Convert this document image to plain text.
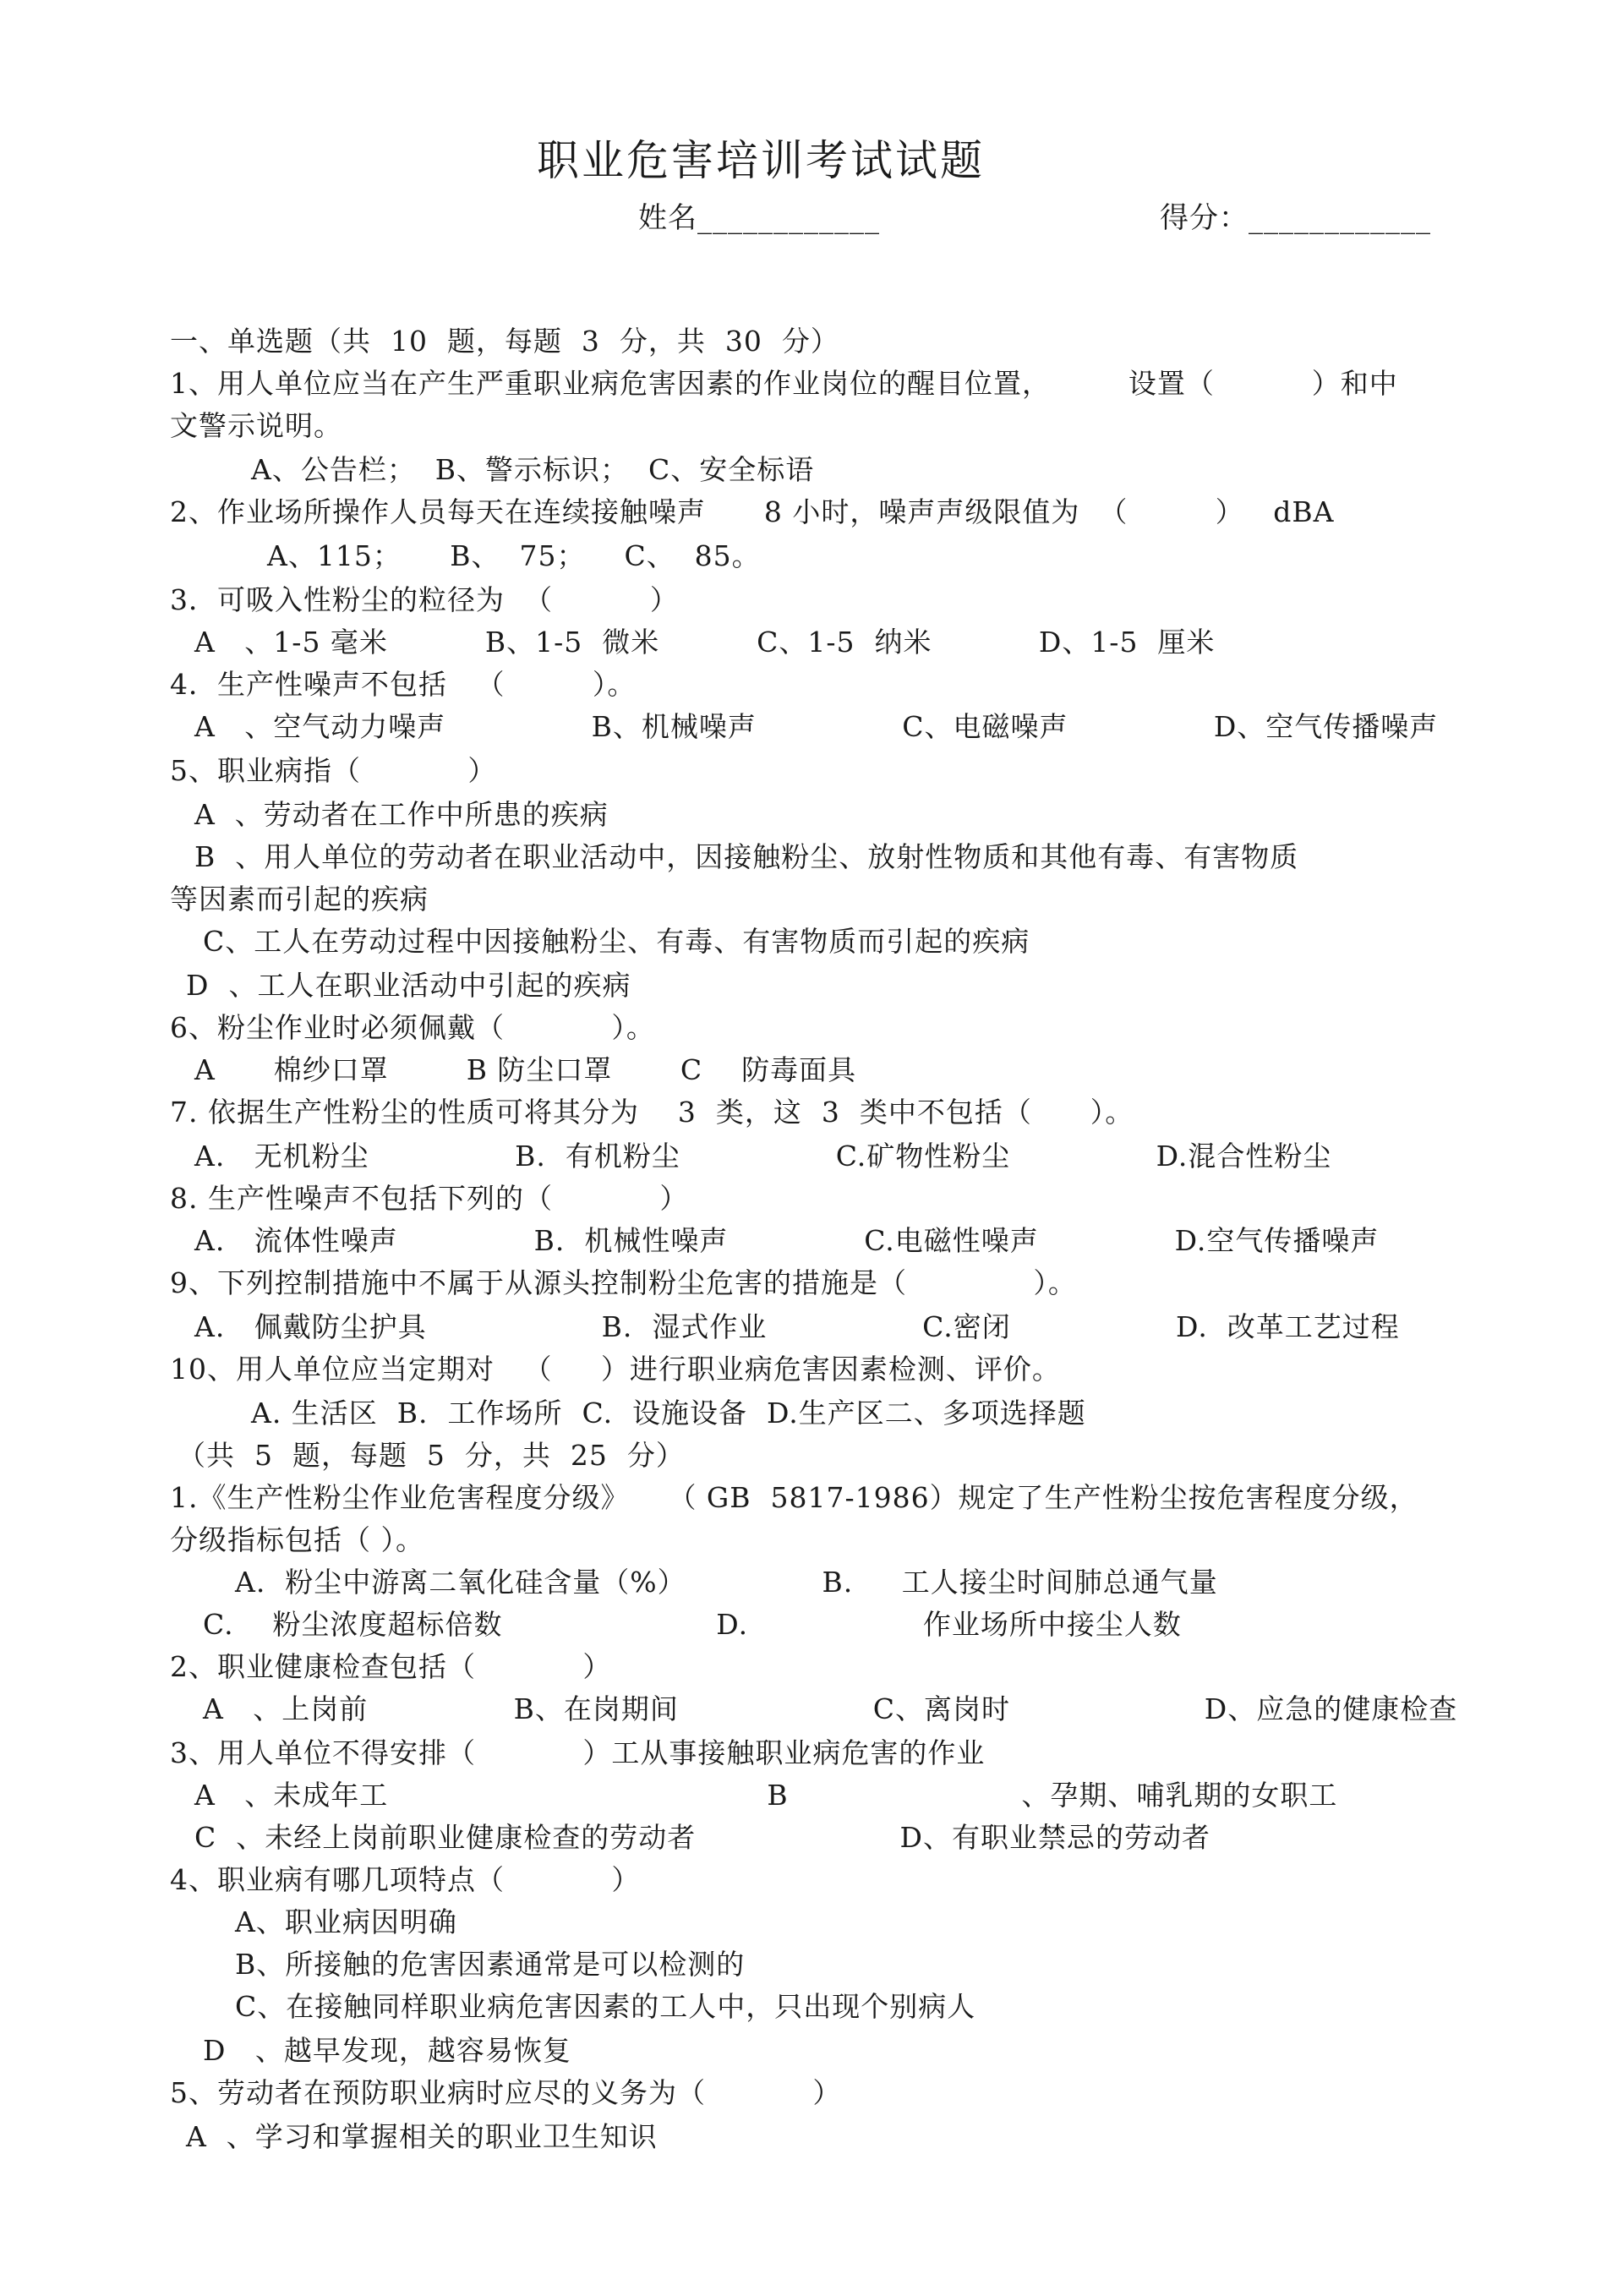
职业危害培训考试试题
姓名____________	得分：____________
一、单选题（共  10  题，每题  3  分，共  30  分）
1、用人单位应当在产生严重职业病危害因素的作业岗位的醒目位置，        设置（          ）和中
文警示说明。
A、公告栏；  B、警示标识；  C、安全标语
2、作业场所操作人员每天在连续接触噪声      8 小时，噪声声级限值为  （         ）   dBA
A、115；     B、  75；    C、  85。
3．可吸入性粉尘的粒径为  （          ）
A   、1-5 毫米          B、1-5  微米          C、1-5  纳米           D、1-5  厘米
4．生产性噪声不包括   （         ）。
A   、空气动力噪声               B、机械噪声               C、电磁噪声               D、空气传播噪声
5、职业病指（           ）
A  、劳动者在工作中所患的疾病
B  、用人单位的劳动者在职业活动中，因接触粉尘、放射性物质和其他有毒、有害物质
等因素而引起的疾病
C、工人在劳动过程中因接触粉尘、有毒、有害物质而引起的疾病
D  、工人在职业活动中引起的疾病
6、粉尘作业时必须佩戴（           ）。
A      棉纱口罩        B 防尘口罩       C    防毒面具
7. 依据生产性粉尘的性质可将其分为    3  类，这  3  类中不包括（      ）。
A.   无机粉尘               B.  有机粉尘                C.矿物性粉尘               D.混合性粉尘
8. 生产性噪声不包括下列的（           ）
A.   流体性噪声              B.  机械性噪声              C.电磁性噪声              D.空气传播噪声
9、下列控制措施中不属于从源头控制粉尘危害的措施是（             ）。
A.   佩戴防尘护具                  B.  湿式作业                C.密闭                 D.  改革工艺过程
10、用人单位应当定期对   （     ）进行职业病危害因素检测、评价。
A. 生活区  B.  工作场所  C.  设施设备  D.生产区二、多项选择题
（共  5  题，每题  5  分，共  25  分）
1.《生产性粉尘作业危害程度分级》    （ GB  5817-1986）规定了生产性粉尘按危害程度分级，
分级指标包括（ ）。
A.  粉尘中游离二氧化硅含量（%）              B.     工人接尘时间肺总通气量
C.    粉尘浓度超标倍数                      D.                  作业场所中接尘人数
2、职业健康检查包括（           ）
A   、上岗前               B、在岗期间                    C、离岗时                    D、应急的健康检查
3、用人单位不得安排（           ）工从事接触职业病危害的作业
A   、未成年工                                       B                        、孕期、哺乳期的女职工
C  、未经上岗前职业健康检查的劳动者                     D、有职业禁忌的劳动者
4、职业病有哪几项特点（           ）
A、职业病因明确
B、所接触的危害因素通常是可以检测的
C、在接触同样职业病危害因素的工人中，只出现个别病人
D   、越早发现，越容易恢复
5、劳动者在预防职业病时应尽的义务为（           ）
A  、学习和掌握相关的职业卫生知识
